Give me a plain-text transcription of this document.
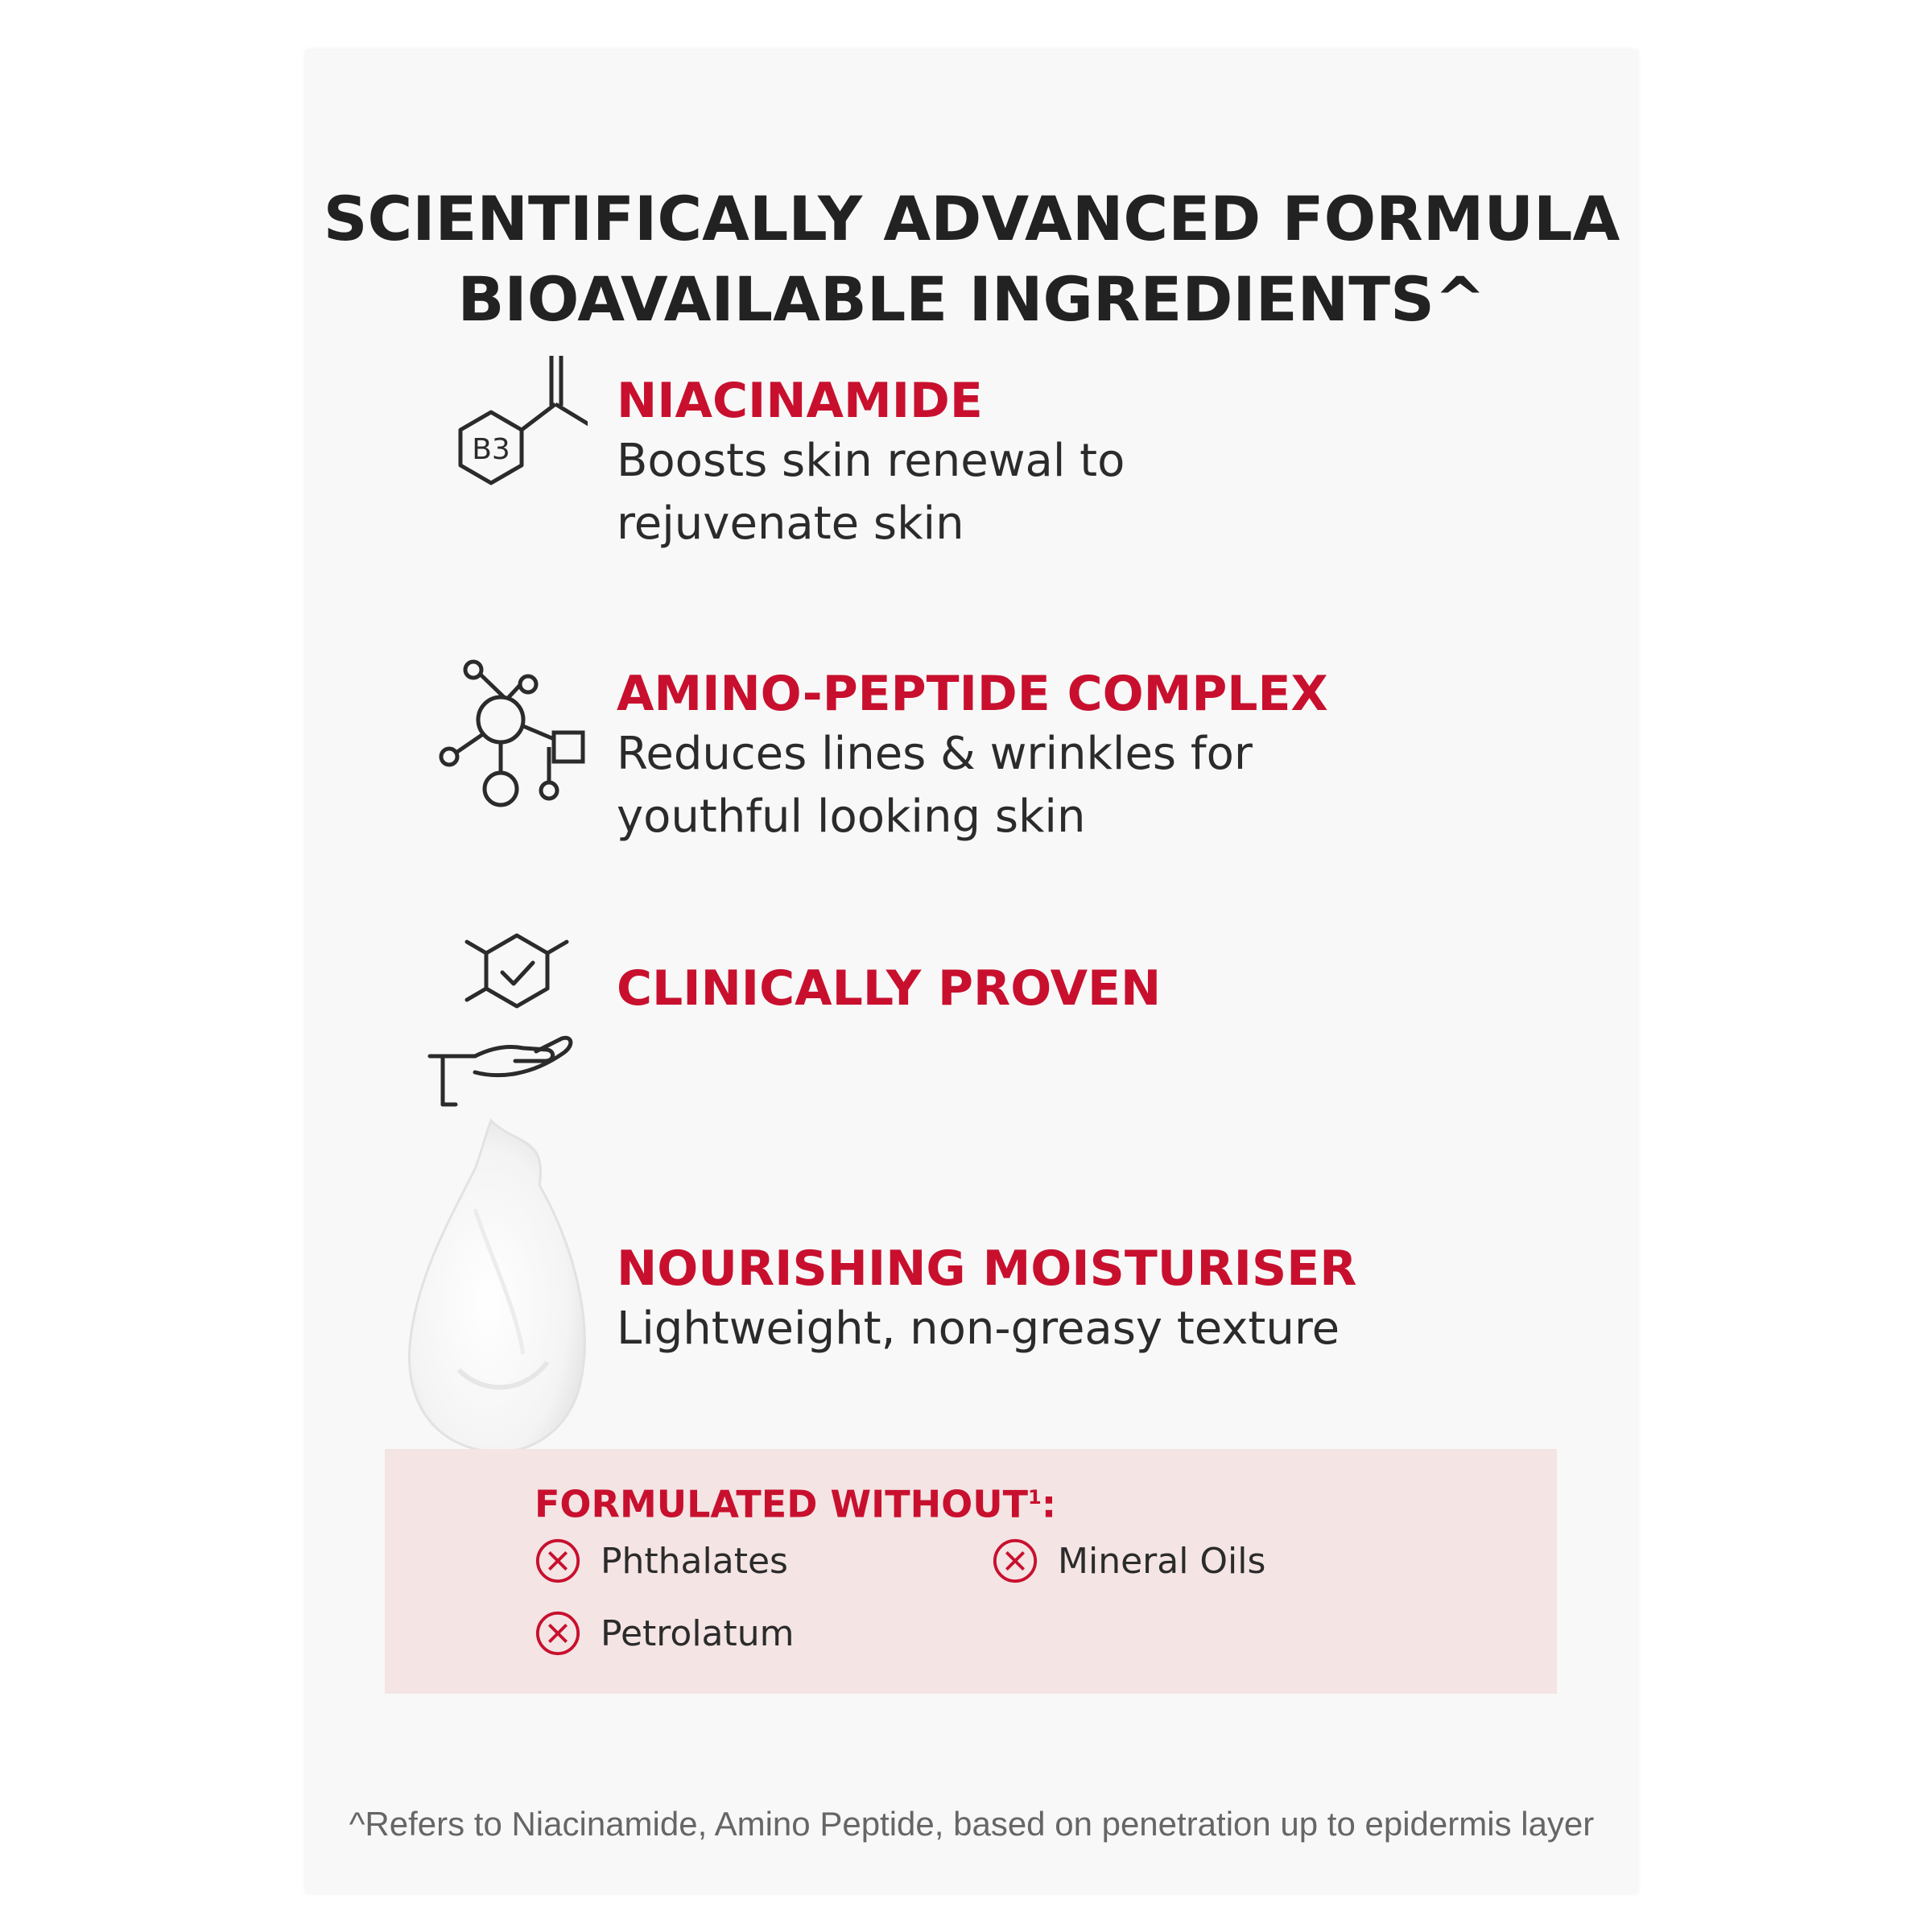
SCIENTIFICALLY ADVANCED FORMULA
BIOAVAILABLE INGREDIENTS^
B3
NIACINAMIDE
Boosts skin renewal to
rejuvenate skin
AMINO-PEPTIDE COMPLEX
Reduces lines & wrinkles for
youthful looking skin
CLINICALLY PROVEN
NOURISHING MOISTURISER
Lightweight, non-greasy texture
FORMULATED WITHOUT$^1$:
Phthalates	Mineral Oils
Petrolatum
^Refers to Niacinamide, Amino Peptide, based on penetration up to epidermis layer
